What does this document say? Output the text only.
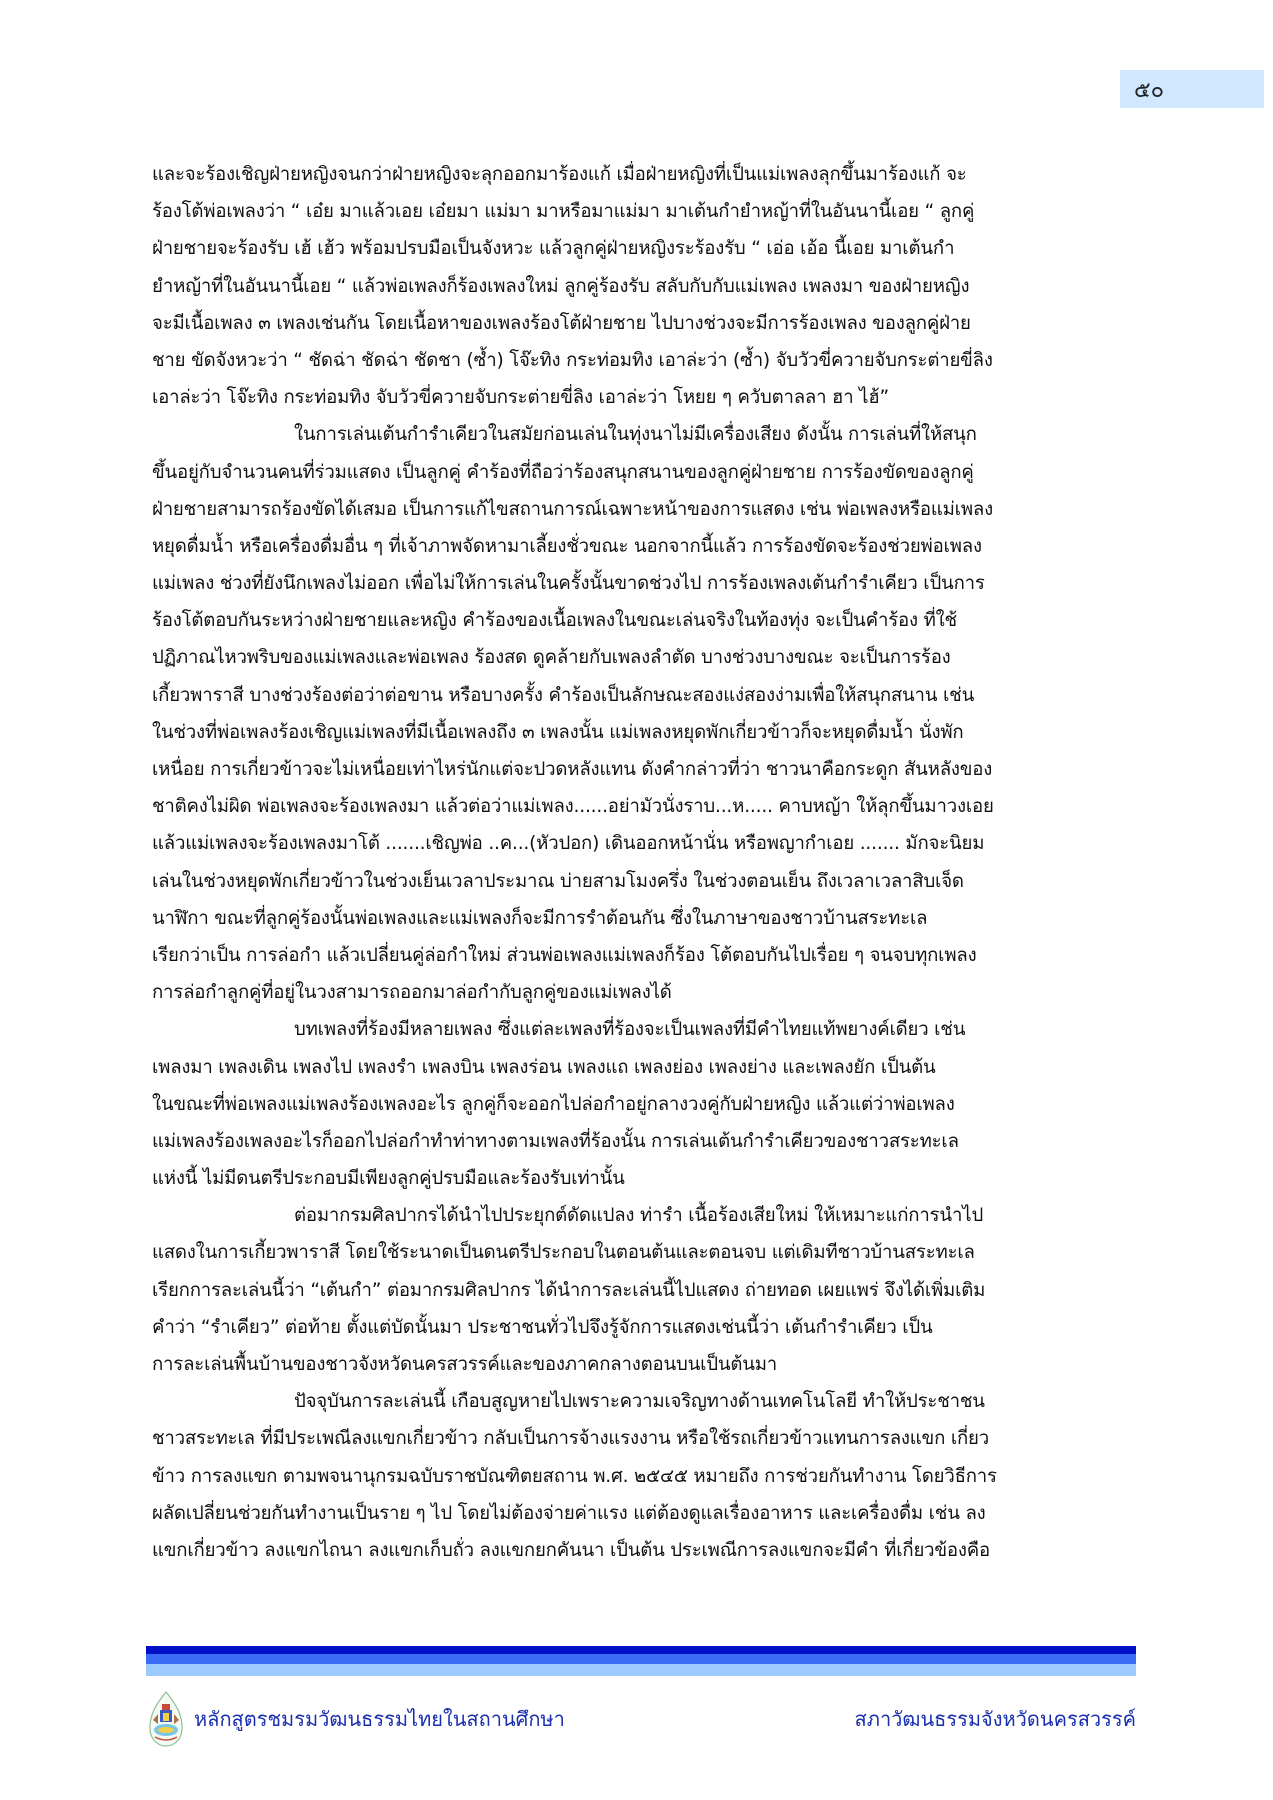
๕๐
และจะร้องเชิญฝ่ายหญิงจนกว่าฝ่ายหญิงจะลุกออกมาร้องแก้ เมื่อฝ่ายหญิงที่เป็นแม่เพลงลุกขึ้นมาร้องแก้ จะ
ร้องโต้พ่อเพลงว่า “ เอ๋ย มาแล้วเอย เอ๋ยมา แม่มา มาหรือมาแม่มา มาเต้นกำยำหญ้าที่ในอันนานี้เอย “ ลูกคู่
ฝ่ายชายจะร้องรับ เฮ้ เฮ้ว พร้อมปรบมือเป็นจังหวะ แล้วลูกคู่ฝ่ายหญิงระร้องรับ “ เอ่อ เอ้อ นี้เอย มาเต้นกำ
ยำหญ้าที่ในอันนานี้เอย “ แล้วพ่อเพลงก็ร้องเพลงใหม่ ลูกคู่ร้องรับ สลับกับกับแม่เพลง เพลงมา ของฝ่ายหญิง
จะมีเนื้อเพลง ๓ เพลงเช่นกัน โดยเนื้อหาของเพลงร้องโต้ฝ่ายชาย ไปบางช่วงจะมีการร้องเพลง ของลูกคู่ฝ่าย
ชาย ขัดจังหวะว่า “ ชัดฉ่า ชัดฉ่า ชัดชา (ซ้ำ) โจ๊ะทิง กระท่อมทิง เอาล่ะว่า (ซ้ำ) จับวัวขี่ควายจับกระต่ายขี่ลิง
เอาล่ะว่า โจ๊ะทิง กระท่อมทิง จับวัวขี่ควายจับกระต่ายขี่ลิง เอาล่ะว่า โหยย ๆ ควับตาลลา ฮา ไฮ้”
ในการเล่นเต้นกำรำเคียวในสมัยก่อนเล่นในทุ่งนาไม่มีเครื่องเสียง ดังนั้น การเล่นที่ให้สนุก
ขึ้นอยู่กับจำนวนคนที่ร่วมแสดง เป็นลูกคู่ คำร้องที่ถือว่าร้องสนุกสนานของลูกคู่ฝ่ายชาย การร้องขัดของลูกคู่
ฝ่ายชายสามารถร้องขัดได้เสมอ เป็นการแก้ไขสถานการณ์เฉพาะหน้าของการแสดง เช่น พ่อเพลงหรือแม่เพลง
หยุดดื่มน้ำ หรือเครื่องดื่มอื่น ๆ ที่เจ้าภาพจัดหามาเลี้ยงชั่วขณะ นอกจากนี้แล้ว การร้องขัดจะร้องช่วยพ่อเพลง
แม่เพลง ช่วงที่ยังนึกเพลงไม่ออก เพื่อไม่ให้การเล่นในครั้งนั้นขาดช่วงไป การร้องเพลงเต้นกำรำเคียว เป็นการ
ร้องโต้ตอบกันระหว่างฝ่ายชายและหญิง คำร้องของเนื้อเพลงในขณะเล่นจริงในท้องทุ่ง จะเป็นคำร้อง ที่ใช้
ปฏิภาณไหวพริบของแม่เพลงและพ่อเพลง ร้องสด ดูคล้ายกับเพลงลำตัด บางช่วงบางขณะ จะเป็นการร้อง
เกี้ยวพาราสี บางช่วงร้องต่อว่าต่อขาน หรือบางครั้ง คำร้องเป็นลักษณะสองแง่สองง่ามเพื่อให้สนุกสนาน เช่น
ในช่วงที่พ่อเพลงร้องเชิญแม่เพลงที่มีเนื้อเพลงถึง ๓ เพลงนั้น แม่เพลงหยุดพักเกี่ยวข้าวก็จะหยุดดื่มน้ำ นั่งพัก
เหนื่อย การเกี่ยวข้าวจะไม่เหนื่อยเท่าไหร่นักแต่จะปวดหลังแทน ดังคำกล่าวที่ว่า ชาวนาคือกระดูก สันหลังของ
ชาติคงไม่ผิด พ่อเพลงจะร้องเพลงมา แล้วต่อว่าแม่เพลง......อย่ามัวนั่งราบ...ห..... คาบหญ้า ให้ลุกขึ้นมาวงเอย
แล้วแม่เพลงจะร้องเพลงมาโต้ .......เชิญพ่อ ..ค...(หัวปอก) เดินออกหน้านั่น หรือพญากำเอย ....... มักจะนิยม
เล่นในช่วงหยุดพักเกี่ยวข้าวในช่วงเย็นเวลาประมาณ บ่ายสามโมงครึ่ง ในช่วงตอนเย็น ถึงเวลาเวลาสิบเจ็ด
นาฬิกา ขณะที่ลูกคู่ร้องนั้นพ่อเพลงและแม่เพลงก็จะมีการรำต้อนกัน ซึ่งในภาษาของชาวบ้านสระทะเล
เรียกว่าเป็น การล่อกำ แล้วเปลี่ยนคู่ล่อกำใหม่ ส่วนพ่อเพลงแม่เพลงก็ร้อง โต้ตอบกันไปเรื่อย ๆ จนจบทุกเพลง
การล่อกำลูกคู่ที่อยู่ในวงสามารถออกมาล่อกำกับลูกคู่ของแม่เพลงได้
บทเพลงที่ร้องมีหลายเพลง ซึ่งแต่ละเพลงที่ร้องจะเป็นเพลงที่มีคำไทยแท้พยางค์เดียว เช่น
เพลงมา เพลงเดิน เพลงไป เพลงรำ เพลงบิน เพลงร่อน เพลงแถ เพลงย่อง เพลงย่าง และเพลงยัก เป็นต้น
ในขณะที่พ่อเพลงแม่เพลงร้องเพลงอะไร ลูกคู่ก็จะออกไปล่อกำอยู่กลางวงคู่กับฝ่ายหญิง แล้วแต่ว่าพ่อเพลง
แม่เพลงร้องเพลงอะไรก็ออกไปล่อกำทำท่าทางตามเพลงที่ร้องนั้น การเล่นเต้นกำรำเคียวของชาวสระทะเล
แห่งนี้ ไม่มีดนตรีประกอบมีเพียงลูกคู่ปรบมือและร้องรับเท่านั้น
ต่อมากรมศิลปากรได้นำไปประยุกต์ดัดแปลง ท่ารำ เนื้อร้องเสียใหม่ ให้เหมาะแก่การนำไป
แสดงในการเกี้ยวพาราสี โดยใช้ระนาดเป็นดนตรีประกอบในตอนต้นและตอนจบ แต่เดิมทีชาวบ้านสระทะเล
เรียกการละเล่นนี้ว่า “เต้นกำ” ต่อมากรมศิลปากร ได้นำการละเล่นนี้ไปแสดง ถ่ายทอด เผยแพร่ จึงได้เพิ่มเติม
คำว่า “รำเคียว” ต่อท้าย ตั้งแต่บัดนั้นมา ประชาชนทั่วไปจึงรู้จักการแสดงเช่นนี้ว่า เต้นกำรำเคียว เป็น
การละเล่นพื้นบ้านของชาวจังหวัดนครสวรรค์และของภาคกลางตอนบนเป็นต้นมา
ปัจจุบันการละเล่นนี้ เกือบสูญหายไปเพราะความเจริญทางด้านเทคโนโลยี ทำให้ประชาชน
ชาวสระทะเล ที่มีประเพณีลงแขกเกี่ยวข้าว กลับเป็นการจ้างแรงงาน หรือใช้รถเกี่ยวข้าวแทนการลงแขก เกี่ยว
ข้าว การลงแขก ตามพจนานุกรมฉบับราชบัณฑิตยสถาน พ.ศ. ๒๕๔๕ หมายถึง การช่วยกันทำงาน โดยวิธีการ
ผลัดเปลี่ยนช่วยกันทำงานเป็นราย ๆ ไป โดยไม่ต้องจ่ายค่าแรง แต่ต้องดูแลเรื่องอาหาร และเครื่องดื่ม เช่น ลง
แขกเกี่ยวข้าว ลงแขกไถนา ลงแขกเก็บถั่ว ลงแขกยกคันนา เป็นต้น ประเพณีการลงแขกจะมีคำ ที่เกี่ยวข้องคือ
หลักสูตรชมรมวัฒนธรรมไทยในสถานศึกษา	สภาวัฒนธรรมจังหวัดนครสวรรค์
